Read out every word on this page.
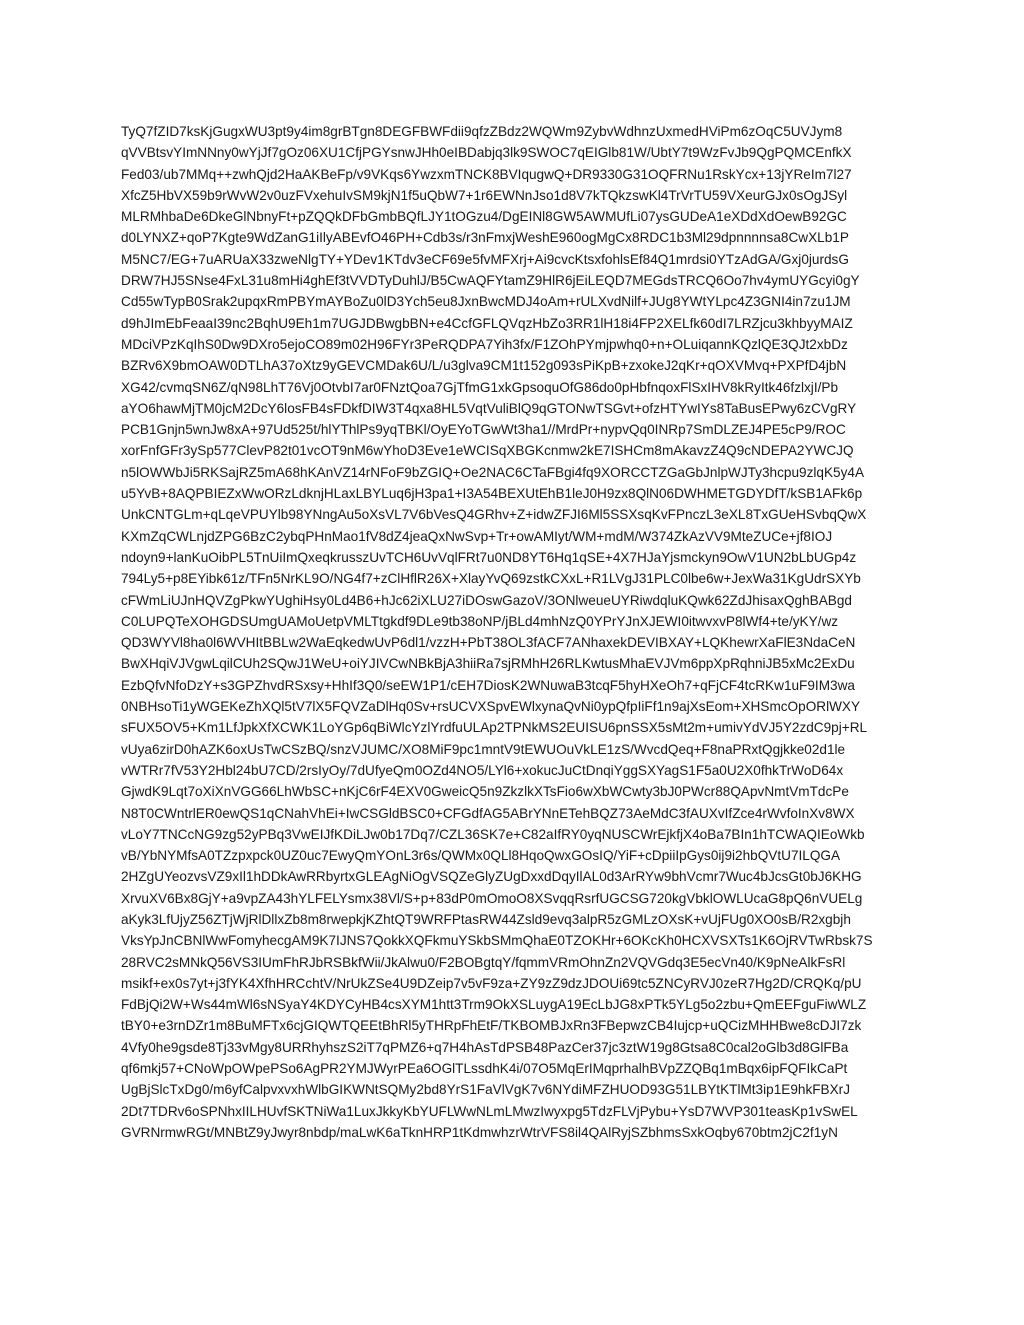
TyQ7fZID7ksKjGugxWU3pt9y4im8grBTgn8DEGFBWFdii9qfzZBdz2WQWm9ZybvWdhnzUxmedHViPm6zOqC5UVJym8
qVVBtsvYImNNny0wYjJf7gOz06XU1CfjPGYsnwJHh0eIBDabjq3lk9SWOC7qEIGlb81W/UbtY7t9WzFvJb9QgPQMCEnfkX
Fed03/ub7MMq++zwhQjd2HaAKBeFp/v9VKqs6YwzxmTNCK8BVIqugwQ+DR9330G31OQFRNu1RskYcx+13jYReIm7l27
XfcZ5HbVX59b9rWvW2v0uzFVxehuIvSM9kjN1f5uQbW7+1r6EWNnJso1d8V7kTQkzswKl4TrVrTU59VXeurGJx0sOgJSyl
MLRMhbaDe6DkeGlNbnyFt+pZQQkDFbGmbBQfLJY1tOGzu4/DgEINl8GW5AWMUfLi07ysGUDeA1eXDdXdOewB92GC
d0LYNXZ+qoP7Kgte9WdZanG1iIlyABEvfO46PH+Cdb3s/r3nFmxjWeshE960ogMgCx8RDC1b3Ml29dpnnnnsa8CwXLb1P
M5NC7/EG+7uARUaX33zweNlgTY+YDev1KTdv3eCF69e5fvMFXrj+Ai9cvcKtsxfohlsEf84Q1mrdsi0YTzAdGA/Gxj0jurdsG
DRW7HJ5SNse4FxL31u8mHi4ghEf3tVVDTyDuhlJ/B5CwAQFYtamZ9HlR6jEiLEQD7MEGdsTRCQ6Oo7hv4ymUYGcyi0gY
Cd55wTypB0Srak2upqxRmPBYmAYBoZu0lD3Ych5eu8JxnBwcMDJ4oAm+rULXvdNilf+JUg8YWtYLpc4Z3GNI4in7zu1JM
d9hJImEbFeaaI39nc2BqhU9Eh1m7UGJDBwgbBN+e4CcfGFLQVqzHbZo3RR1lH18i4FP2XELfk60dI7LRZjcu3khbyyMAIZ
MDciVPzKqIhS0Dw9DXro5ejoCO89m02H96FYr3PeRQDPA7Yih3fx/F1ZOhPYmjpwhq0+n+OLuiqannKQzlQE3QJt2xbDz
BZRv6X9bmOAW0DTLhA37oXtz9yGEVCMDak6U/L/u3glva9CM1t152g093sPiKpB+zxokeJ2qKr+qOXVMvq+PXPfD4jbN
XG42/cvmqSN6Z/qN98LhT76Vj0OtvbI7ar0FNztQoa7GjTfmG1xkGpsoquOfG86do0pHbfnqoxFlSxIHV8kRyItk46fzlxjI/Pb
aYO6hawMjTM0jcM2DcY6losFB4sFDkfDIW3T4qxa8HL5VqtVuliBlQ9qGTONwTSGvt+ofzHTYwIYs8TaBusEPwy6zCVgRY
PCB1Gnjn5wnJw8xA+97Ud525t/hlYThlPs9yqTBKl/OyEYoTGwWt3ha1//MrdPr+nypvQq0INRp7SmDLZEJ4PE5cP9/ROC
xorFnfGFr3ySp577ClevP82t01vcOT9nM6wYhoD3Eve1eWCISqXBGKcnmw2kE7ISHCm8mAkavzZ4Q9cNDEPA2YWCJQ
n5lOWWbJi5RKSajRZ5mA68hKAnVZ14rNFoF9bZGIQ+Oe2NAC6CTaFBgi4fq9XORCCTZGaGbJnlpWJTy3hcpu9zlqK5y4A
u5YvB+8AQPBIEZxWwORzLdknjHLaxLBYLuq6jH3pa1+I3A54BEXUtEhB1leJ0H9zx8QlN06DWHMETGDYDfT/kSB1AFk6p
UnkCNTGLm+qLqeVPUYlb98YNngAu5oXsVL7V6bVesQ4GRhv+Z+idwZFJI6Ml5SSXsqKvFPnczL3eXL8TxGUeHSvbqQwX
KXmZqCWLnjdZPG6BzC2ybqPHnMao1fV8dZ4jeaQxNwSvp+Tr+owAMIyt/WM+mdM/W374ZkAzVV9MteZUCe+jf8IOJ
ndoyn9+lanKuOibPL5TnUiImQxeqkrusszUvTCH6UvVqlFRt7u0ND8YT6Hq1qSE+4X7HJaYjsmckyn9OwV1UN2bLbUGp4z
794Ly5+p8EYibk61z/TFn5NrKL9O/NG4f7+zClHflR26X+XlayYvQ69zstkCXxL+R1LVgJ31PLC0lbe6w+JexWa31KgUdrSXYb
cFWmLiUJnHQVZgPkwYUghiHsy0Ld4B6+hJc62iXLU27iDOswGazoV/3ONlweueUYRiwdqluKQwk62ZdJhisaxQghBABgd
C0LUPQTeXOHGDSUmgUAMoUetpVMLTtgkdf9DLe9tb38oNP/jBLd4mhNzQ0YPrYJnXJEWI0itwvxvP8lWf4+te/yKY/wz
QD3WYVl8ha0l6WVHItBBLw2WaEqkedwUvP6dl1/vzzH+PbT38OL3fACF7ANhaxekDEVIBXAY+LQKhewrXaFlE3NdaCeN
BwXHqiVJVgwLqilCUh2SQwJ1WeU+oiYJIVCwNBkBjA3hiiRa7sjRMhH26RLKwtusMhaEVJVm6ppXpRqhniJB5xMc2ExDu
EzbQfvNfoDzY+s3GPZhvdRSxsy+HhIf3Q0/seEW1P1/cEH7DiosK2WNuwaB3tcqF5hyHXeOh7+qFjCF4tcRKw1uF9IM3wa
0NBHsoTi1yWGEKeZhXQl5tV7lX5FQVZaDlHq0Sv+rsUCVXSpvEWlxynaQvNi0ypQfpIiFf1n9ajXsEom+XHSmcOpORlWXY
sFUX5OV5+Km1LfJpkXfXCWK1LoYGp6qBiWlcYzlYrdfuULAp2TPNkMS2EUISU6pnSSX5sMt2m+umivYdVJ5Y2zdC9pj+RL
vUya6zirD0hAZK6oxUsTwCSzBQ/snzVJUMC/XO8MiF9pc1mntV9tEWUOuVkLE1zS/WvcdQeq+F8naPRxtQgjkke02d1le
vWTRr7fV53Y2Hbl24bU7CD/2rsIyOy/7dUfyeQm0OZd4NO5/LYl6+xokucJuCtDnqiYggSXYagS1F5a0U2X0fhkTrWoD64x
GjwdK9Lqt7oXiXnVGG66LhWbSC+nKjC6rF4EXV0GweicQ5n9ZkzlkXTsFio6wXbWCwty3bJ0PWcr88QApvNmtVmTdcPe
N8T0CWntrlER0ewQS1qCNahVhEi+IwCSGldBSC0+CFGdfAG5ABrYNnETehBQZ73AeMdC3fAUXvIfZce4rWvfoInXv8WX
vLoY7TNCcNG9zg52yPBq3VwEIJfKDiLJw0b17Dq7/CZL36SK7e+C82aIfRY0yqNUSCWrEjkfjX4oBa7BIn1hTCWAQIEoWkb
vB/YbNYMfsA0TZzpxpck0UZ0uc7EwyQmYOnL3r6s/QWMx0QLl8HqoQwxGOsIQ/YiF+cDpiiIpGys0ij9i2hbQVtU7ILQGA
2HZgUYeozvsVZ9xIl1hDDkAwRRbyrtxGLEAgNiOgVSQZeGlyZUgDxxdDqyIlAL0d3ArRYw9bhVcmr7Wuc4bJcsGt0bJ6KHG
XrvuXV6Bx8GjY+a9vpZA43hYLFELYsmx38Vl/S+p+83dP0mOmoO8XSvqqRsrfUGCSG720kgVbklOWLUcaG8pQ6nVUELg
aKyk3LfUjyZ56ZTjWjRlDllxZb8m8rwepkjKZhtQT9WRFPtasRW44Zsld9evq3alpR5zGMLzOXsK+vUjFUg0XO0sB/R2xgbjh
VksYpJnCBNlWwFomyhecgAM9K7IJNS7QokkXQFkmuYSkbSMmQhaE0TZOKHr+6OKcKh0HCXVSXTs1K6OjRVTwRbsk7S
28RVC2sMNkQ56VS3IUmFhRJbRSBkfWii/JkAlwu0/F2BOBgtqY/fqmmVRmOhnZn2VQVGdq3E5ecVn40/K9pNeAlkFsRl
msikf+ex0s7yt+j3fYK4XfhHRCchtV/NrUkZSe4U9DZeip7v5vF9za+ZY9zZ9dzJDOUi69tc5ZNCyRVJ0zeR7Hg2D/CRQKq/pU
FdBjQi2W+Ws44mWl6sNSyaY4KDYCyHB4csXYM1htt3Trm9OkXSLuygA19EcLbJG8xPTk5YLg5o2zbu+QmEEFguFiwWLZ
tBY0+e3rnDZr1m8BuMFTx6cjGIQWTQEEtBhRl5yTHRpFhEtF/TKBOMBJxRn3FBepwzCB4Iujcp+uQCizMHHBwe8cDJI7zk
4Vfy0he9gsde8Tj33vMgy8URRhyhszS2iT7qPMZ6+q7H4hAsTdPSB48PazCer37jc3ztW19g8Gtsa8C0cal2oGlb3d8GlFBa
qf6mkj57+CNoWpOWpePSo6AgPR2YMJWyrPEa6OGlTLssdhK4i/07O5MqErIMqprhalhBVpZZQBq1mBqx6ipFQFIkCaPt
UgBjSlcTxDg0/m6yfCalpvxvxhWlbGIKWNtSQMy2bd8YrS1FaVlVgK7v6NYdiMFZHUOD93G51LBYtKTlMt3ip1E9hkFBXrJ
2Dt7TDRv6oSPNhxIILHUvfSKTNiWa1LuxJkkyKbYUFLWwNLmLMwzIwyxpg5TdzFLVjPybu+YsD7WVP301teasKp1vSwEL
GVRNrmwRGt/MNBtZ9yJwyr8nbdp/maLwK6aTknHRP1tKdmwhzrWtrVFS8il4QAlRyjSZbhmsSxkOqby670btm2jC2f1yN
